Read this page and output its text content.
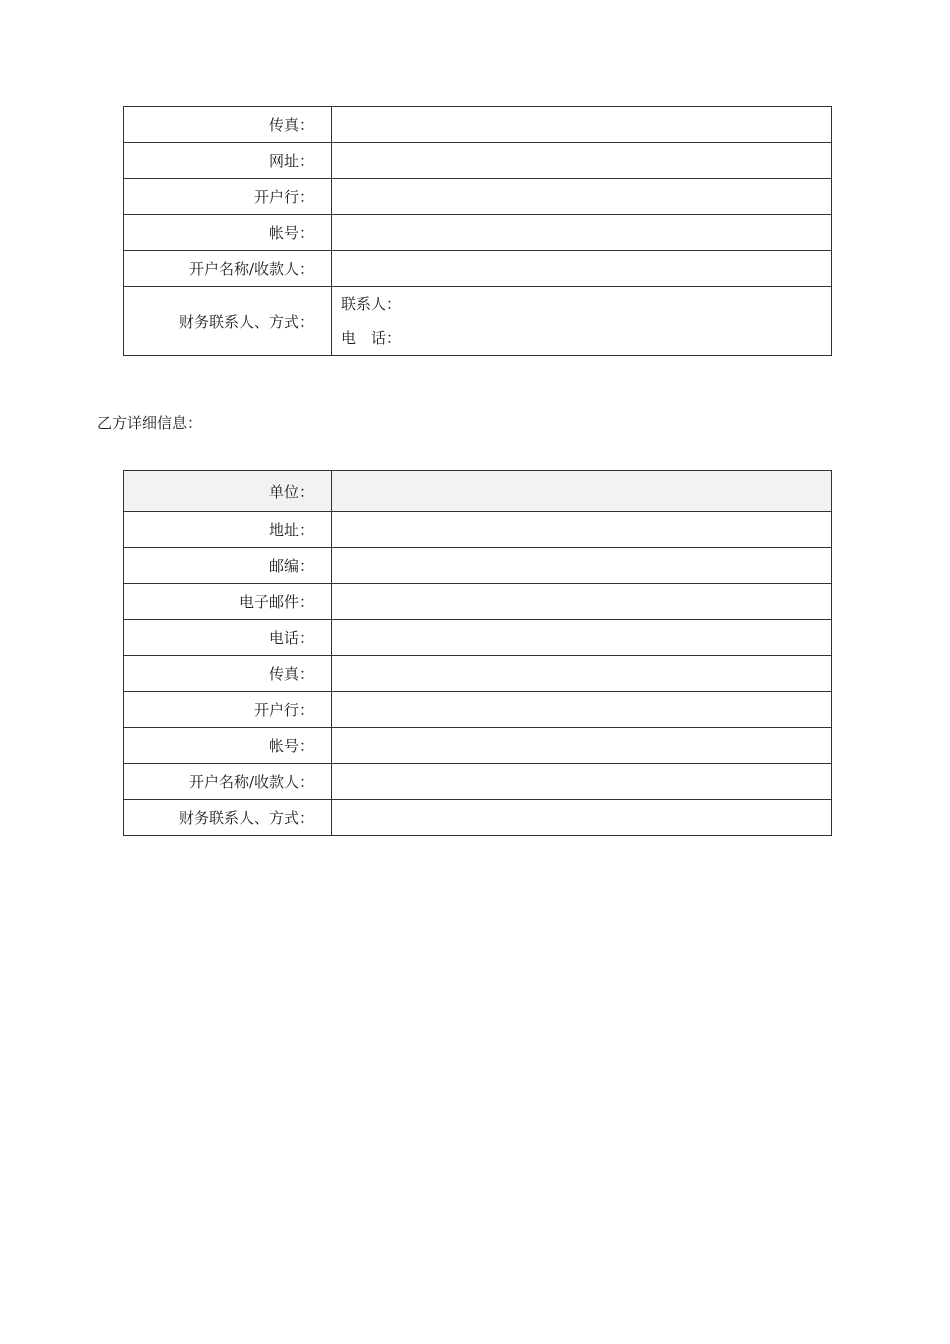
传真：	
网址：	
开户行：	
帐号：	
开户名称/收款人：	
财务联系人、方式：	联系人：
电　话：
乙方详细信息：
单位：	
地址：	
邮编：	
电子邮件：	
电话：	
传真：	
开户行：	
帐号：	
开户名称/收款人：	
财务联系人、方式：	
